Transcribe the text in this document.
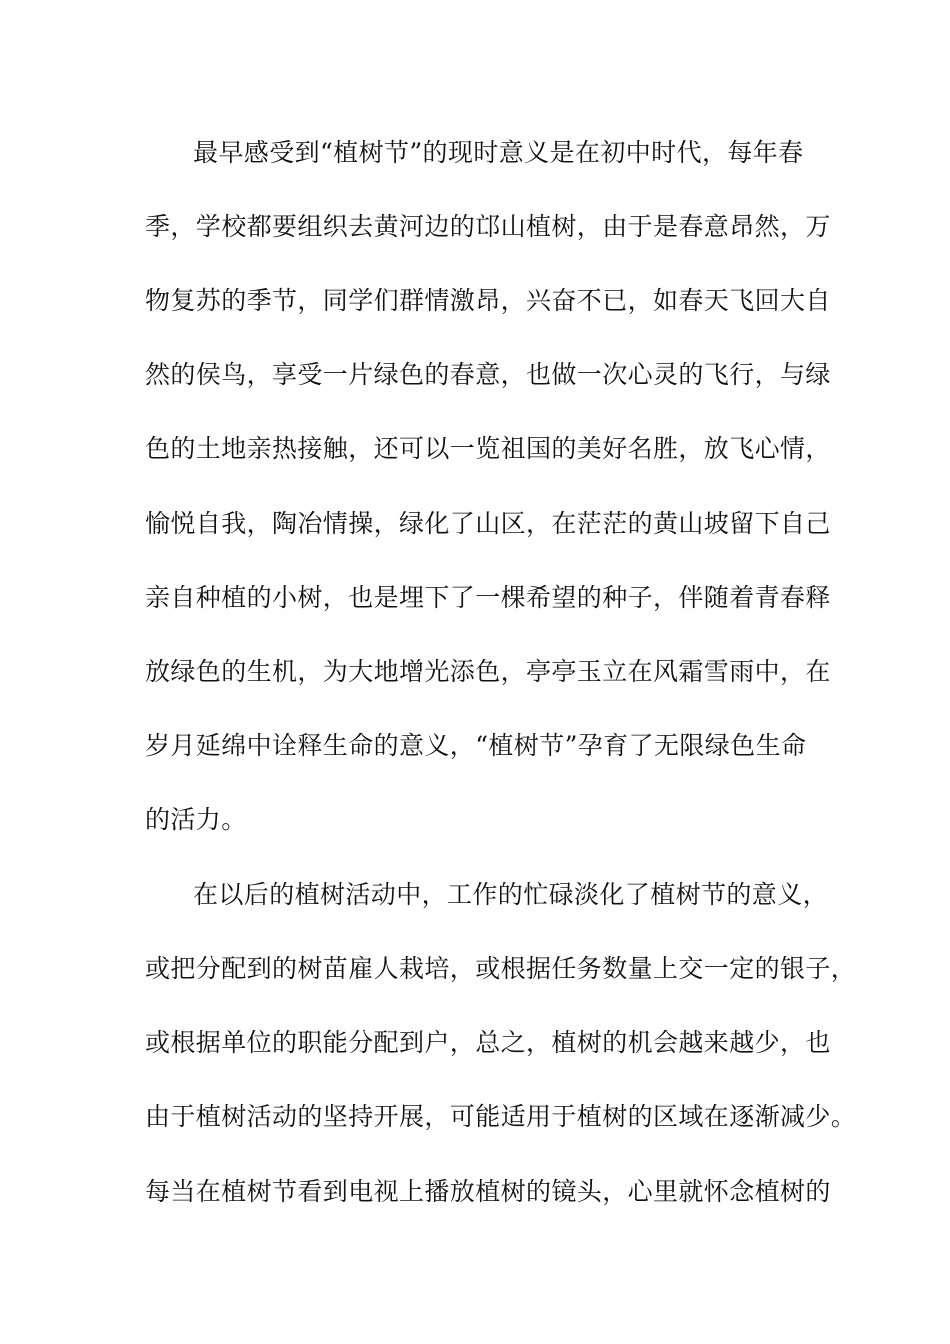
最早感受到“植树节”的现时意义是在初中时代，每年春
季，学校都要组织去黄河边的邙山植树，由于是春意昂然，万
物复苏的季节，同学们群情激昂，兴奋不已，如春天飞回大自
然的侯鸟，享受一片绿色的春意，也做一次心灵的飞行，与绿
色的土地亲热接触，还可以一览祖国的美好名胜，放飞心情，
愉悦自我，陶冶情操，绿化了山区，在茫茫的黄山坡留下自己
亲自种植的小树，也是埋下了一棵希望的种子，伴随着青春释
放绿色的生机，为大地增光添色，亭亭玉立在风霜雪雨中，在
岁月延绵中诠释生命的意义，“植树节”孕育了无限绿色生命
的活力。
在以后的植树活动中，工作的忙碌淡化了植树节的意义，
或把分配到的树苗雇人栽培，或根据任务数量上交一定的银子，
或根据单位的职能分配到户，总之，植树的机会越来越少，也
由于植树活动的坚持开展，可能适用于植树的区域在逐渐减少。
每当在植树节看到电视上播放植树的镜头，心里就怀念植树的
